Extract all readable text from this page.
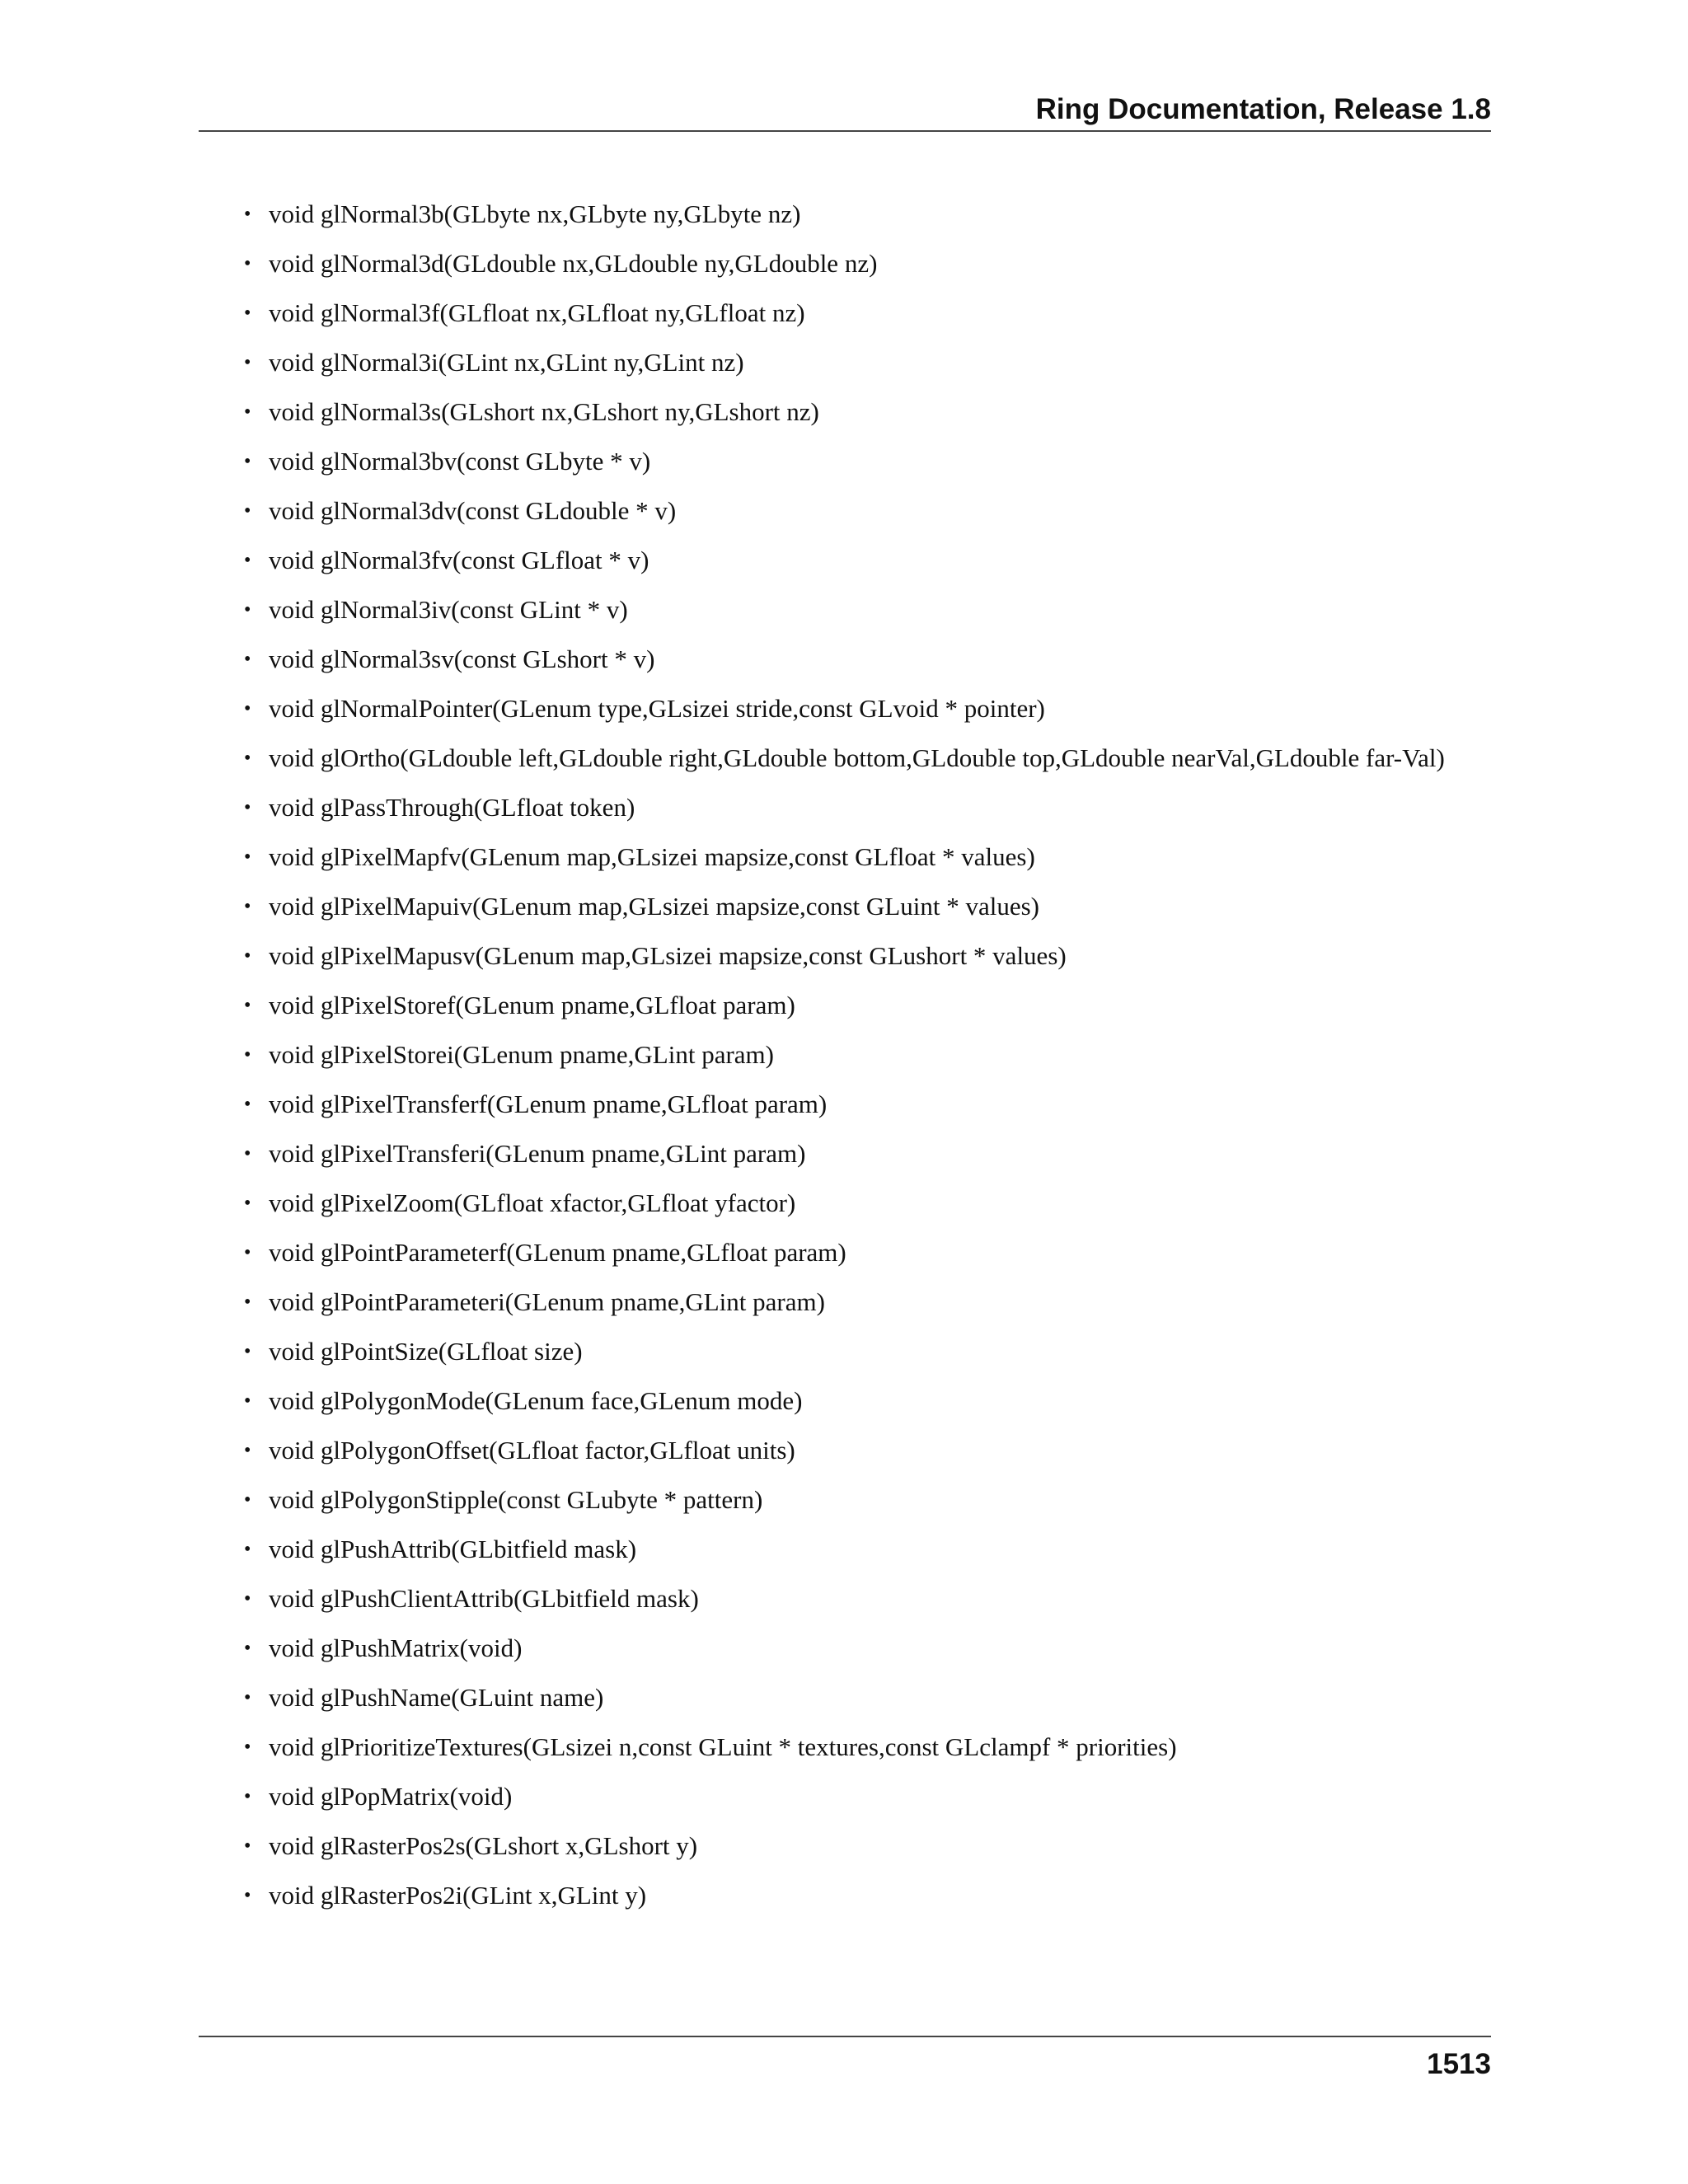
Ring Documentation, Release 1.8
• void glNormal3b(GLbyte nx,GLbyte ny,GLbyte nz)
• void glNormal3d(GLdouble nx,GLdouble ny,GLdouble nz)
• void glNormal3f(GLfloat nx,GLfloat ny,GLfloat nz)
• void glNormal3i(GLint nx,GLint ny,GLint nz)
• void glNormal3s(GLshort nx,GLshort ny,GLshort nz)
• void glNormal3bv(const GLbyte * v)
• void glNormal3dv(const GLdouble * v)
• void glNormal3fv(const GLfloat * v)
• void glNormal3iv(const GLint * v)
• void glNormal3sv(const GLshort * v)
• void glNormalPointer(GLenum type,GLsizei stride,const GLvoid * pointer)
• void glOrtho(GLdouble left,GLdouble right,GLdouble bottom,GLdouble top,GLdouble nearVal,GLdouble far-Val)
• void glPassThrough(GLfloat token)
• void glPixelMapfv(GLenum map,GLsizei mapsize,const GLfloat * values)
• void glPixelMapuiv(GLenum map,GLsizei mapsize,const GLuint * values)
• void glPixelMapusv(GLenum map,GLsizei mapsize,const GLushort * values)
• void glPixelStoref(GLenum pname,GLfloat param)
• void glPixelStorei(GLenum pname,GLint param)
• void glPixelTransferf(GLenum pname,GLfloat param)
• void glPixelTransferi(GLenum pname,GLint param)
• void glPixelZoom(GLfloat xfactor,GLfloat yfactor)
• void glPointParameterf(GLenum pname,GLfloat param)
• void glPointParameteri(GLenum pname,GLint param)
• void glPointSize(GLfloat size)
• void glPolygonMode(GLenum face,GLenum mode)
• void glPolygonOffset(GLfloat factor,GLfloat units)
• void glPolygonStipple(const GLubyte * pattern)
• void glPushAttrib(GLbitfield mask)
• void glPushClientAttrib(GLbitfield mask)
• void glPushMatrix(void)
• void glPushName(GLuint name)
• void glPrioritizeTextures(GLsizei n,const GLuint * textures,const GLclampf * priorities)
• void glPopMatrix(void)
• void glRasterPos2s(GLshort x,GLshort y)
• void glRasterPos2i(GLint x,GLint y)
1513
